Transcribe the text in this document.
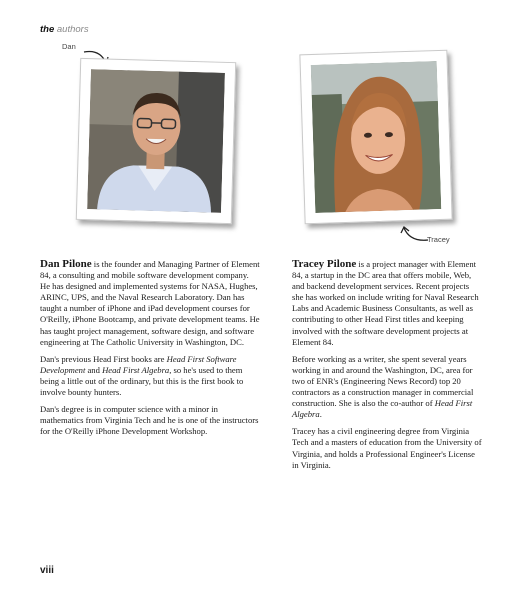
the authors
Dan
Tracey

Dan Pilone is the founder and Managing Partner of Element 84, a consulting and mobile software development company. He has designed and implemented systems for NASA, Hughes, ARINC, UPS, and the Naval Research Laboratory. Dan has taught a number of iPhone and iPad development courses for O'Reilly, iPhone Bootcamp, and private development teams. He has taught project management, software design, and software engineering at The Catholic University in Washington, DC.

Dan's previous Head First books are Head First Software Development and Head First Algebra, so he's used to them being a little out of the ordinary, but this is the first book to involve bounty hunters.

Dan's degree is in computer science with a minor in mathematics from Virginia Tech and he is one of the instructors for the O'Reilly iPhone Development Workshop.

Tracey Pilone is a project manager with Element 84, a startup in the DC area that offers mobile, Web, and backend development services. Recent projects she has worked on include writing for Naval Research Labs and Academic Business Consultants, as well as contributing to other Head First titles and keeping involved with the software development projects at Element 84.

Before working as a writer, she spent several years working in and around the Washington, DC, area for two of ENR's (Engineering News Record) top 20 contractors as a construction manager in commercial construction. She is also the co-author of Head First Algebra.

Tracey has a civil engineering degree from Virginia Tech and a masters of education from the University of Virginia, and holds a Professional Engineer's License in Virginia.

viii
